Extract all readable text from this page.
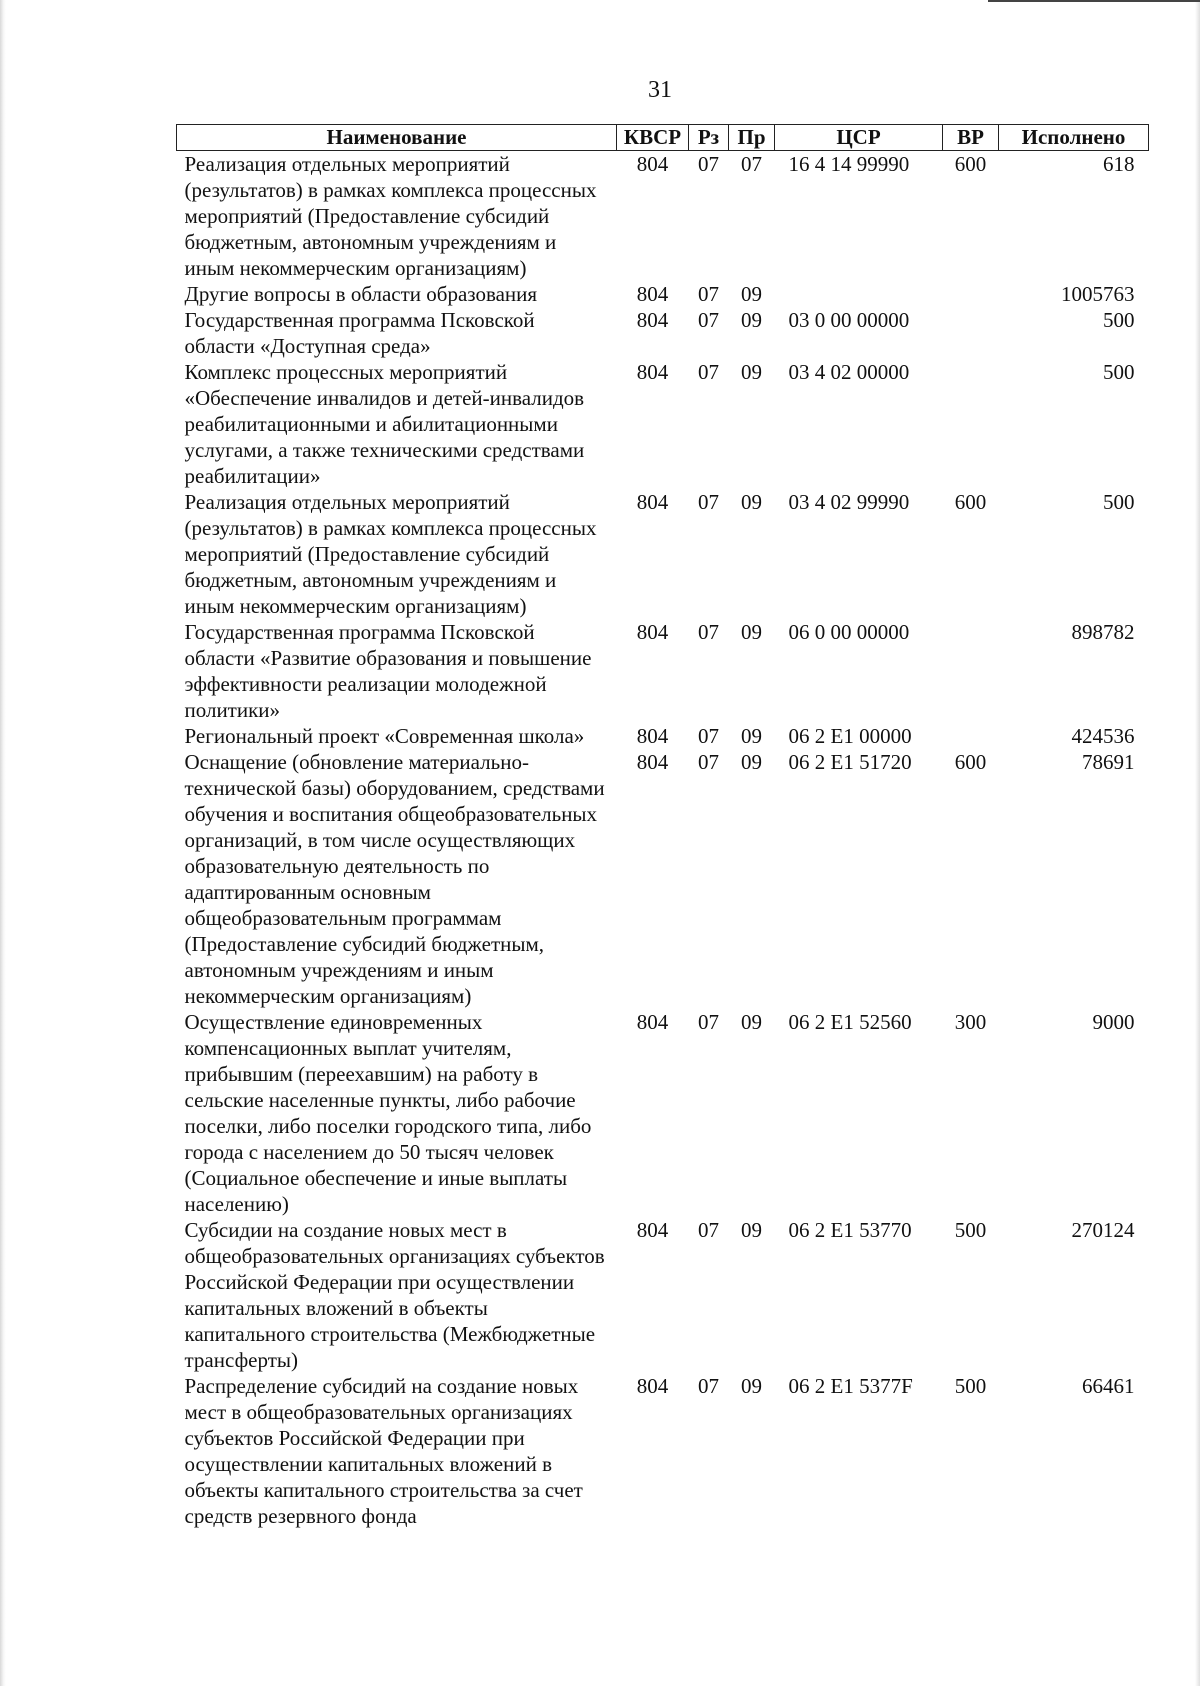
31
Наименование	КВСР	Рз	Пр	ЦСР	ВР	Исполнено
Реализация отдельных мероприятий (результатов) в рамках комплекса процессных мероприятий (Предоставление субсидий бюджетным, автономным учреждениям и иным некоммерческим организациям)	804	07	07	16 4 14 99990	600	618
Другие вопросы в области образования	804	07	09			1005763
Государственная программа Псковской области «Доступная среда»	804	07	09	03 0 00 00000		500
Комплекс процессных мероприятий «Обеспечение инвалидов и детей-инвалидов реабилитационными и абилитационными услугами, а также техническими средствами реабилитации»	804	07	09	03 4 02 00000		500
Реализация отдельных мероприятий (результатов) в рамках комплекса процессных мероприятий (Предоставление субсидий бюджетным, автономным учреждениям и иным некоммерческим организациям)	804	07	09	03 4 02 99990	600	500
Государственная программа Псковской области «Развитие образования и повышение эффективности реализации молодежной политики»	804	07	09	06 0 00 00000		898782
Региональный проект «Современная школа»	804	07	09	06 2 E1 00000		424536
Оснащение (обновление материально-технической базы) оборудованием, средствами обучения и воспитания общеобразовательных организаций, в том числе осуществляющих образовательную деятельность по адаптированным основным общеобразовательным программам (Предоставление субсидий бюджетным, автономным учреждениям и иным некоммерческим организациям)	804	07	09	06 2 E1 51720	600	78691
Осуществление единовременных компенсационных выплат учителям, прибывшим (переехавшим) на работу в сельские населенные пункты, либо рабочие поселки, либо поселки городского типа, либо города с населением до 50 тысяч человек (Социальное обеспечение и иные выплаты населению)	804	07	09	06 2 E1 52560	300	9000
Субсидии на создание новых мест в общеобразовательных организациях субъектов Российской Федерации при осуществлении капитальных вложений в объекты капитального строительства (Межбюджетные трансферты)	804	07	09	06 2 E1 53770	500	270124
Распределение субсидий на создание новых мест в общеобразовательных организациях субъектов Российской Федерации при осуществлении капитальных вложений в объекты капитального строительства за счет средств резервного фонда	804	07	09	06 2 E1 5377F	500	66461
